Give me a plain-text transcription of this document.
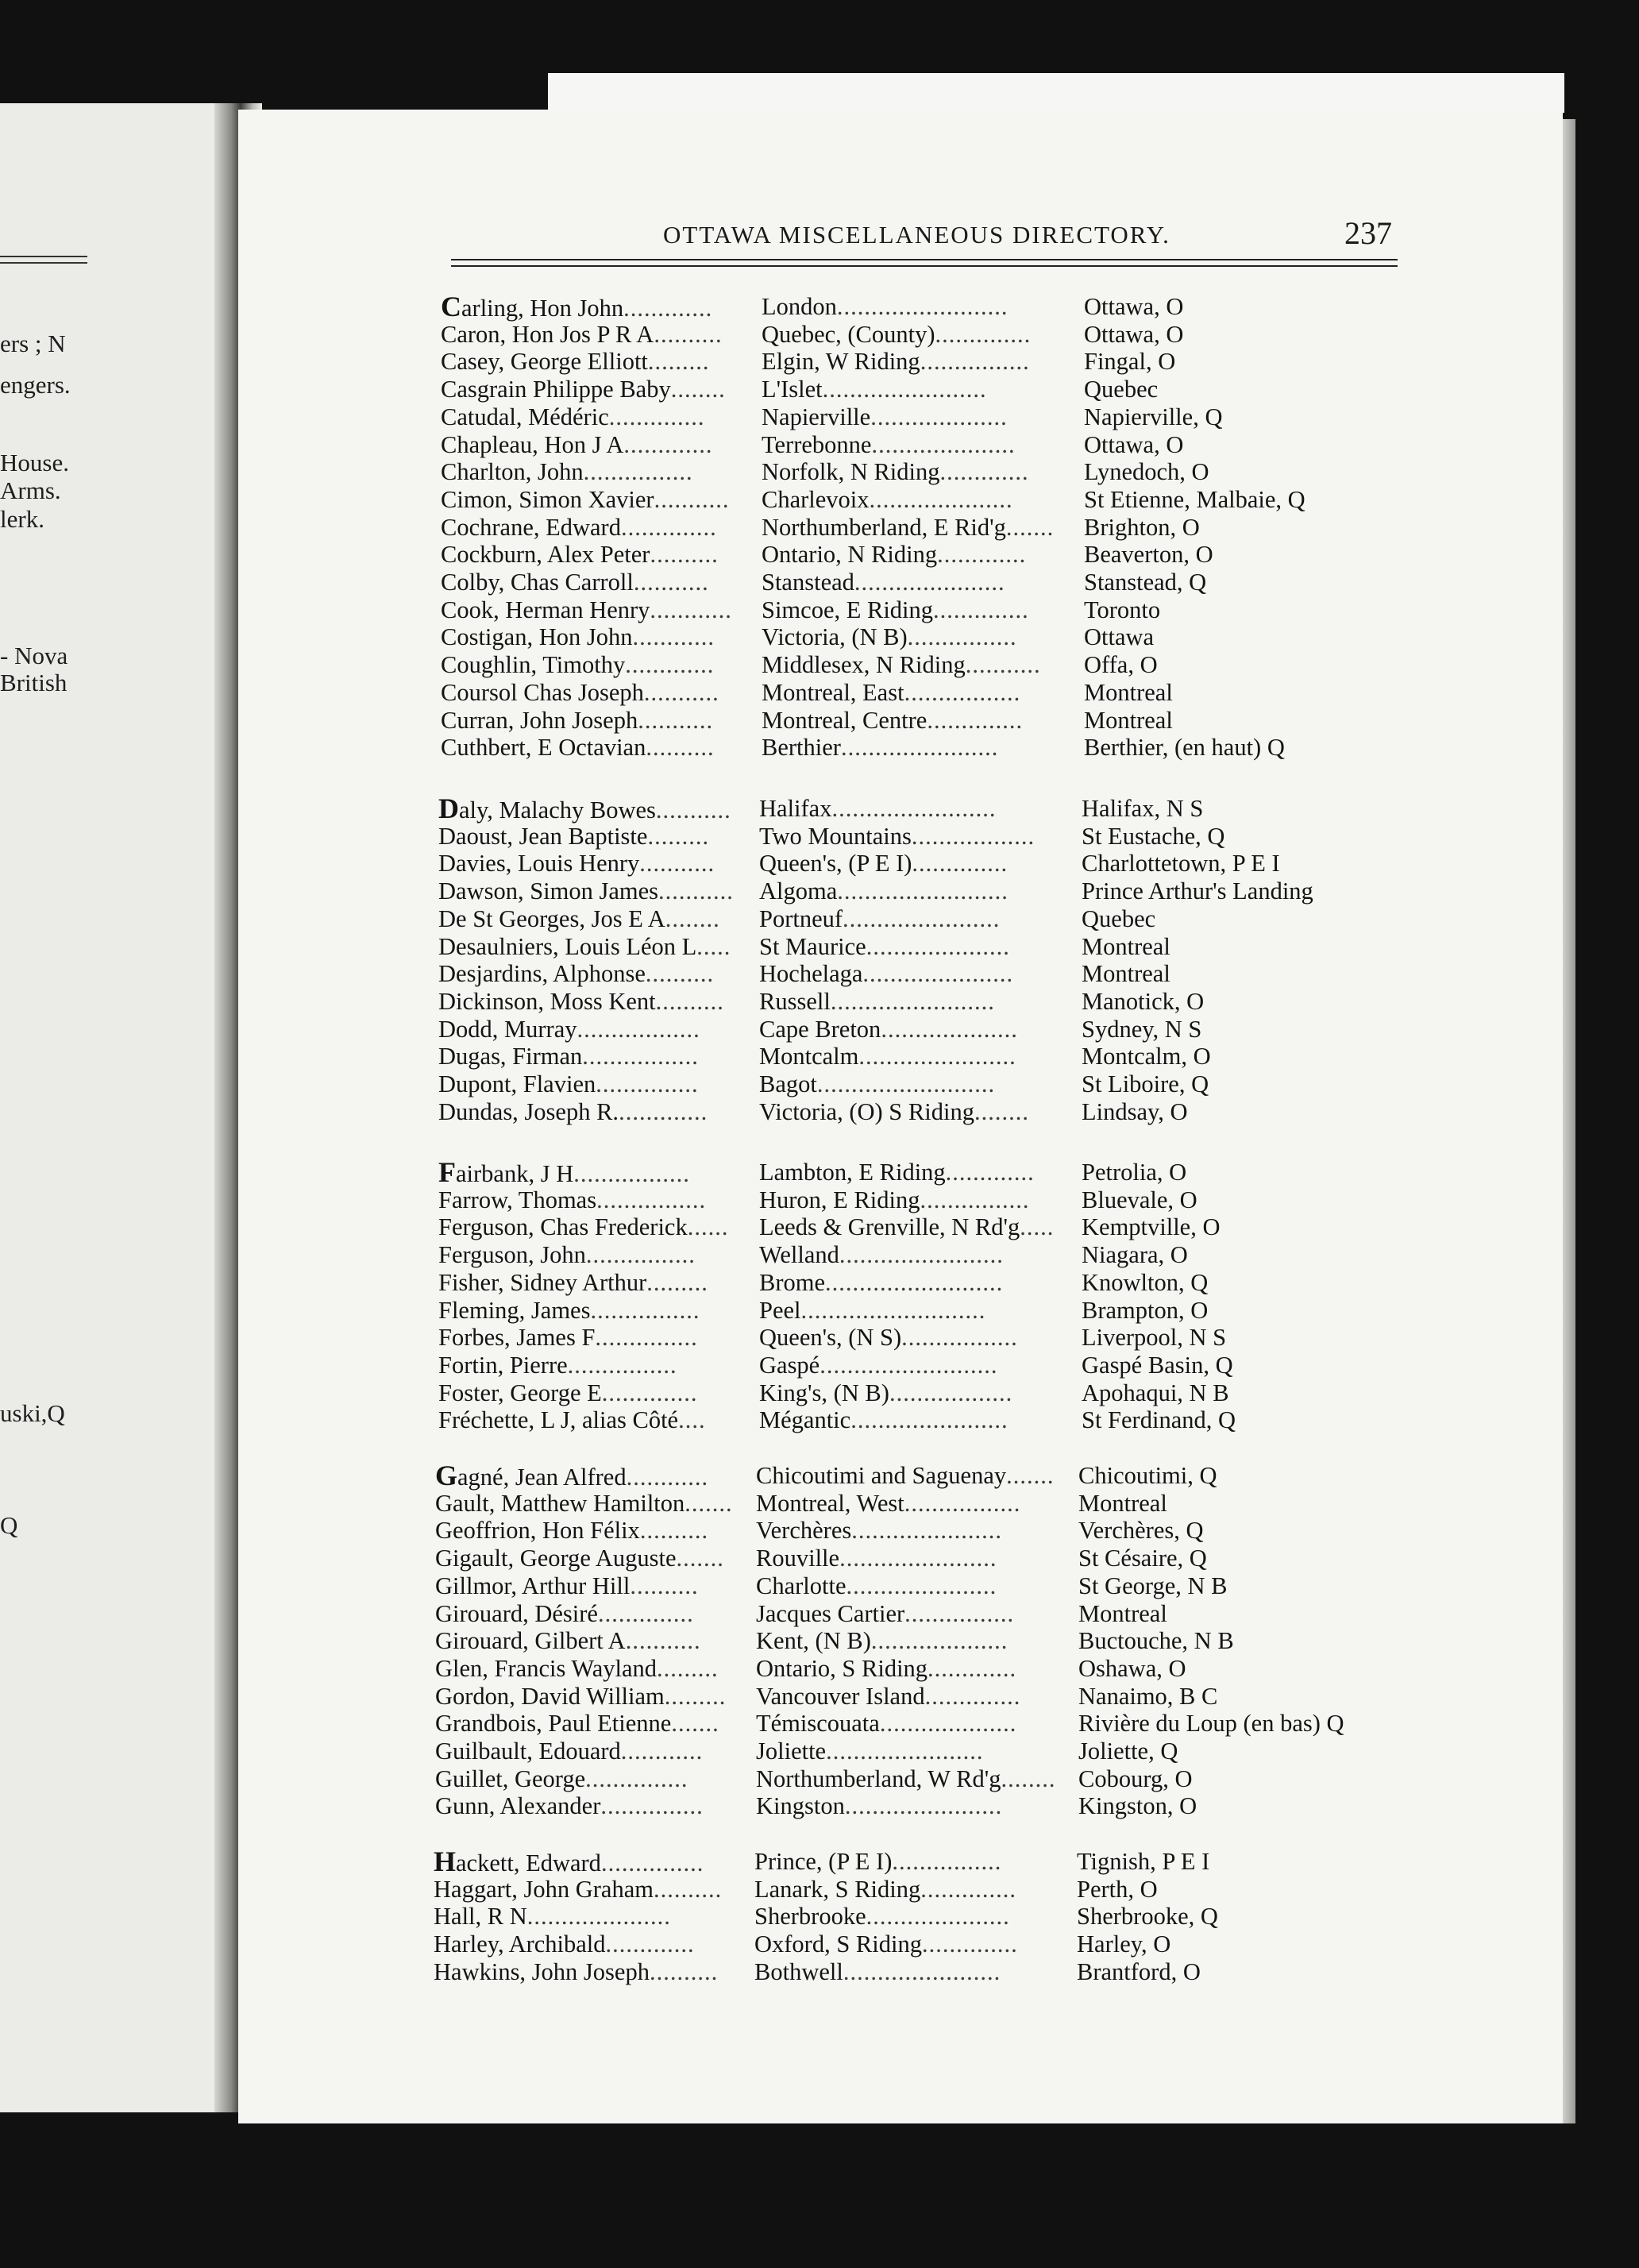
ers ; N
engers.
House.
Arms.
lerk.
- Nova
British
uski,Q
Q
OTTAWA MISCELLANEOUS DIRECTORY.	237
Carling, Hon John............. London.........................	Ottawa, O
Caron, Hon Jos P R A.......... Quebec, (County).............. Ottawa, O
Casey, George Elliott......... Elgin, W Riding................ Fingal, O
Casgrain Philippe Baby........ L'Islet........................	Quebec
Catudal, Médéric.............. Napierville....................	Napierville, Q
Chapleau, Hon J A............. Terrebonne.....................	Ottawa, O
Charlton, John................	Norfolk, N Riding............. Lynedoch, O
Cimon, Simon Xavier........... Charlevoix.....................	St Etienne, Malbaie, Q
Cochrane, Edward.............. Northumberland, E Rid'g....... Brighton, O
Cockburn, Alex Peter.......... Ontario, N Riding............. Beaverton, O
Colby, Chas Carroll........... Stanstead......................	Stanstead, Q
Cook, Herman Henry............ Simcoe, E Riding.............. Toronto
Costigan, Hon John............ Victoria, (N B)................	Ottawa
Coughlin, Timothy............. Middlesex, N Riding........... Offa, O
Coursol Chas Joseph........... Montreal, East.................	Montreal
Curran, John Joseph........... Montreal, Centre..............	Montreal
Cuthbert, E Octavian.......... Berthier.......................	Berthier, (en haut) Q
Daly, Malachy Bowes........... Halifax........................	Halifax, N S
Daoust, Jean Baptiste......... Two Mountains.................. St Eustache, Q
Davies, Louis Henry........... Queen's, (P E I)..............	Charlottetown, P E I
Dawson, Simon James........... Algoma.........................	Prince Arthur's Landing
De St Georges, Jos E A........ Portneuf.......................	Quebec
Desaulniers, Louis Léon L..... St Maurice.....................	Montreal
Desjardins, Alphonse.......... Hochelaga......................	Montreal
Dickinson, Moss Kent.......... Russell........................	Manotick, O
Dodd, Murray.................. Cape Breton....................	Sydney, N S
Dugas, Firman................. Montcalm.......................	Montcalm, O
Dupont, Flavien...............	Bagot..........................	St Liboire, Q
Dundas, Joseph R.............. Victoria, (O) S Riding........ Lindsay, O
Fairbank, J H.................	Lambton, E Riding............. Petrolia, O
Farrow, Thomas................ Huron, E Riding................ Bluevale, O
Ferguson, Chas Frederick...... Leeds & Grenville, N Rd'g..... Kemptville, O
Ferguson, John................	Welland........................	Niagara, O
Fisher, Sidney Arthur......... Brome..........................	Knowlton, Q
Fleming, James................ Peel...........................	Brampton, O
Forbes, James F...............	Queen's, (N S).................	Liverpool, N S
Fortin, Pierre................	Gaspé..........................	Gaspé Basin, Q
Foster, George E..............	King's, (N B)..................	Apohaqui, N B
Fréchette, L J, alias Côté.... Mégantic.......................	St Ferdinand, Q
Gagné, Jean Alfred............ Chicoutimi and Saguenay....... Chicoutimi, Q
Gault, Matthew Hamilton....... Montreal, West................. Montreal
Geoffrion, Hon Félix.......... Verchères......................	Verchères, Q
Gigault, George Auguste....... Rouville.......................	St Césaire, Q
Gillmor, Arthur Hill.......... Charlotte......................	St George, N B
Girouard, Désiré..............	Jacques Cartier................	Montreal
Girouard, Gilbert A........... Kent, (N B)....................	Buctouche, N B
Glen, Francis Wayland......... Ontario, S Riding.............	Oshawa, O
Gordon, David William......... Vancouver Island.............. Nanaimo, B C
Grandbois, Paul Etienne....... Témiscouata....................	Rivière du Loup (en bas) Q
Guilbault, Edouard............ Joliette.......................	Joliette, Q
Guillet, George...............	Northumberland, W Rd'g........ Cobourg, O
Gunn, Alexander............... Kingston.......................	Kingston, O
Hackett, Edward............... Prince, (P E I)................	Tignish, P E I
Haggart, John Graham.......... Lanark, S Riding.............. Perth, O
Hall, R N.....................	Sherbrooke.....................	Sherbrooke, Q
Harley, Archibald............. Oxford, S Riding.............. Harley, O
Hawkins, John Joseph.......... Bothwell.......................	Brantford, O
